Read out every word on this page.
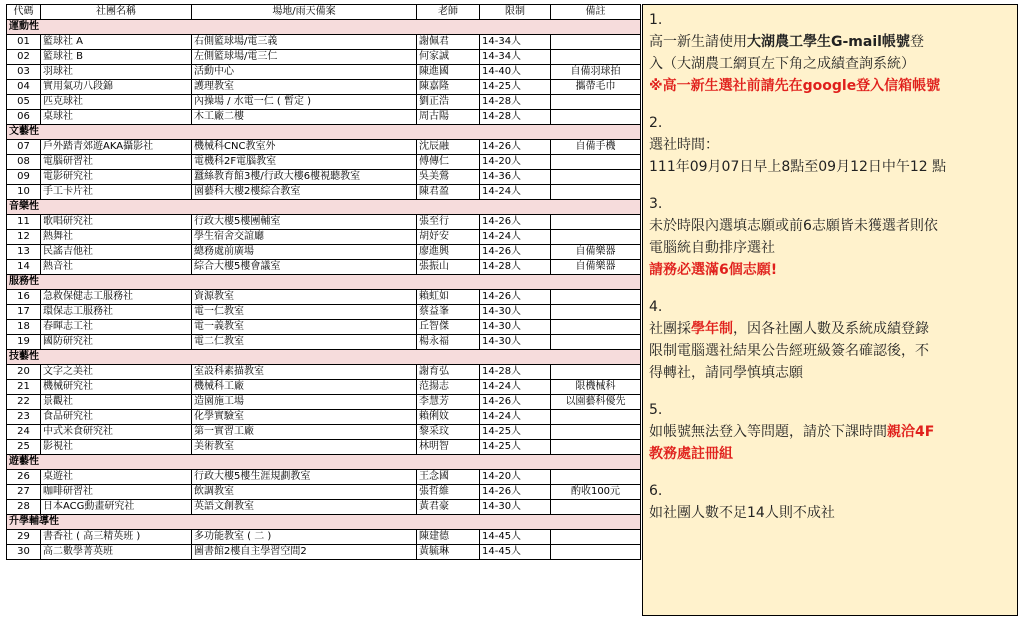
代碼	社團名稱	場地/雨天備案	老師	限制	備註
運動性					
01	籃球社 A	右側籃球場/電三義	謝佩君	14-34人	
02	籃球社 B	左側籃球場/電三仁	何家誠	14-34人	
03	羽球社	活動中心	陳進國	14-40人	自備羽球拍
04	實用氣功八段錦	護理教室	陳嘉隆	14-25人	攜帶毛巾
05	匹克球社	內操場 / 水電一仁 ( 暫定 )	劉正浩	14-28人	
06	桌球社	木工廠二樓	周古陽	14-28人	
文藝性					
07	戶外踏青郊遊AKA攝影社	機械科CNC教室外	沈辰融	14-26人	自備手機
08	電腦研習社	電機科2F電腦教室	傅傳仁	14-20人	
09	電影研究社	蠶絲教育館3樓/行政大樓6樓視聽教室	吳美鶯	14-36人	
10	手工卡片社	園藝科大樓2樓綜合教室	陳君盈	14-24人	
音樂性					
11	歌唱研究社	行政大樓5樓團輔室	張至行	14-26人	
12	熱舞社	學生宿舍交誼廳	胡妤安	14-24人	
13	民謠吉他社	總務處前廣場	廖進興	14-26人	自備樂器
14	熱音社	綜合大樓5樓會議室	張振山	14-28人	自備樂器
服務性					
16	急救保健志工服務社	資源教室	賴虹如	14-26人	
17	環保志工服務社	電一仁教室	蔡益峯	14-30人	
18	春暉志工社	電一義教室	丘智傑	14-30人	
19	國防研究社	電二仁教室	楊永福	14-30人	
技藝性					
20	文字之美社	室設科素描教室	謝育弘	14-28人	
21	機械研究社	機械科工廠	范揚志	14-24人	限機械科
22	景觀社	造園施工場	李慧芳	14-26人	以園藝科優先
23	食品研究社	化學實驗室	賴俐妏	14-24人	
24	中式米食研究社	第一實習工廠	黎采玟	14-25人	
25	影視社	美術教室	林明智	14-25人	
遊藝性					
26	桌遊社	行政大樓5樓生涯規劃教室	王念國	14-20人	
27	咖啡研習社	飲調教室	張哲維	14-26人	酌收100元
28	日本ACG動畫研究社	英語文創教室	黃君豪	14-30人	
升學輔導性					
29	書香社 ( 高三精英班 )	多功能教室 ( 二 )	陳建德	14-45人	
30	高二數學菁英班	圖書館2樓自主學習空間2	黃毓琳	14-45人	
1.
高一新生請使用大湖農工學生G-mail帳號登
入（大湖農工網頁左下角之成績查詢系統）
※高一新生選社前請先在google登入信箱帳號
2.
選社時間：
111年09月07日早上8點至09月12日中午12 點
3.
未於時限內選填志願或前6志願皆未獲選者則依
電腦統自動排序選社
請務必選滿6個志願!
4.
社團採學年制，因各社團人數及系統成績登錄
限制電腦選社結果公告經班級簽名確認後，不
得轉社，請同學慎填志願
5.
如帳號無法登入等問題，請於下課時間親洽4F
教務處註冊組
6.
如社團人數不足14人則不成社
